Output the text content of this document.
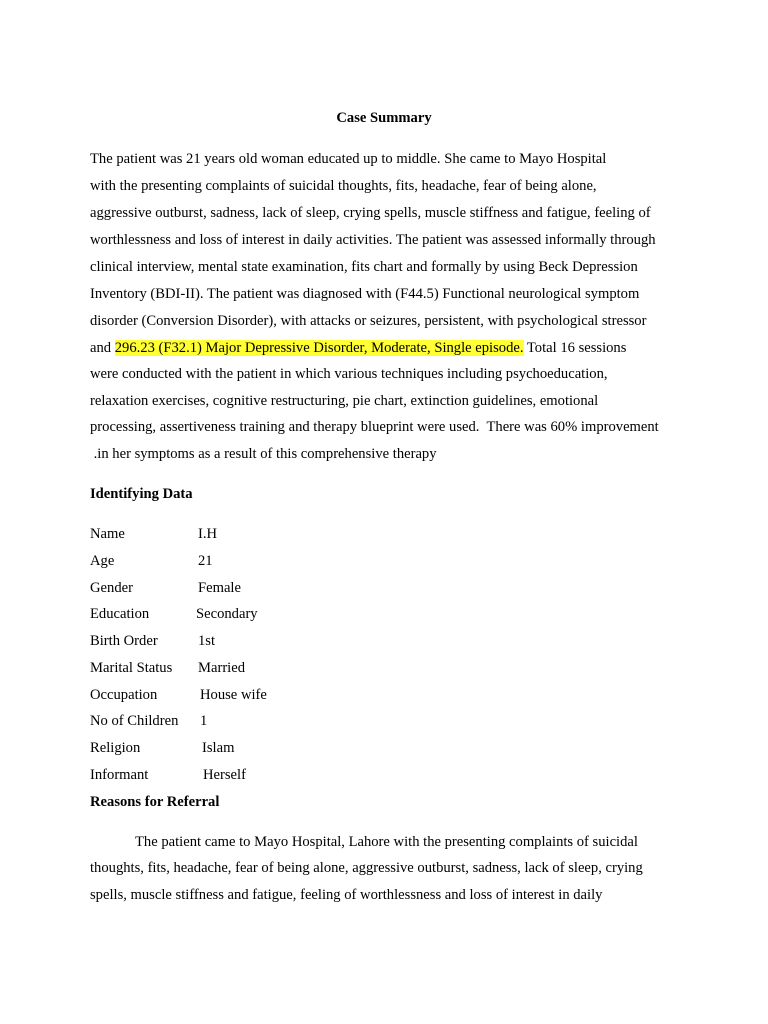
Case Summary
The patient was 21 years old woman educated up to middle. She came to Mayo Hospital
with the presenting complaints of suicidal thoughts, fits, headache, fear of being alone,
aggressive outburst, sadness, lack of sleep, crying spells, muscle stiffness and fatigue, feeling of
worthlessness and loss of interest in daily activities. The patient was assessed informally through
clinical interview, mental state examination, fits chart and formally by using Beck Depression
Inventory (BDI-II). The patient was diagnosed with (F44.5) Functional neurological symptom
disorder (Conversion Disorder), with attacks or seizures, persistent, with psychological stressor
and 296.23 (F32.1) Major Depressive Disorder, Moderate, Single episode. Total 16 sessions
were conducted with the patient in which various techniques including psychoeducation,
relaxation exercises, cognitive restructuring, pie chart, extinction guidelines, emotional
processing, assertiveness training and therapy blueprint were used.  There was 60% improvement
.in her symptoms as a result of this comprehensive therapy
Identifying Data
Name	I.H
Age	21
Gender	Female
Education	Secondary
Birth Order	1st
Marital Status Married
Occupation	House wife
No of Children 1
Religion	Islam
Informant	Herself
Reasons for Referral
The patient came to Mayo Hospital, Lahore with the presenting complaints of suicidal
thoughts, fits, headache, fear of being alone, aggressive outburst, sadness, lack of sleep, crying
spells, muscle stiffness and fatigue, feeling of worthlessness and loss of interest in daily
